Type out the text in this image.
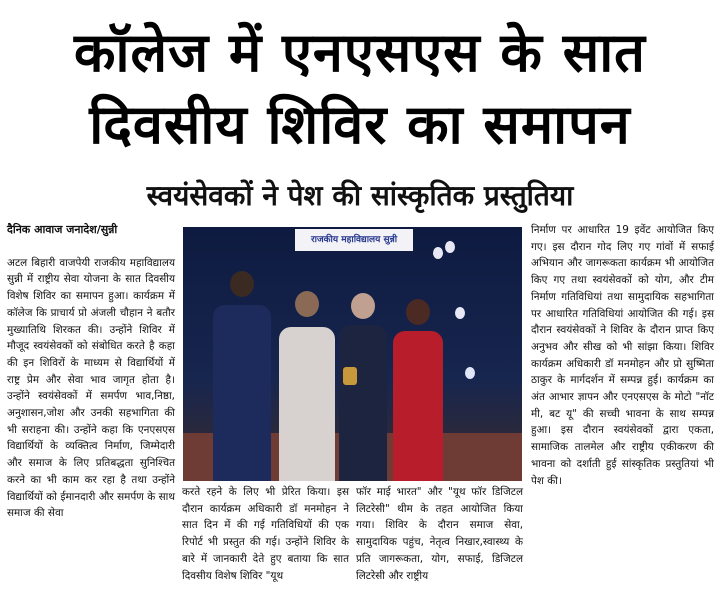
कॉलेज में एनएसएस के सात
दिवसीय शिविर का समापन
स्वयंसेवकों ने पेश की सांस्कृतिक प्रस्तुतिया

दैनिक आवाज जनादेश/सुन्नी

अटल बिहारी वाजपेयी राजकीय महाविद्यालय सुन्नी में राष्ट्रीय सेवा योजना के सात दिवसीय विशेष शिविर का समापन हुआ। कार्यक्रम में कॉलेज कि प्राचार्य प्रो अंजली चौहान ने बतौर मुख्यातिथि शिरकत की। उन्होंने शिविर में मौजूद स्वयंसेवकों को संबोधित करते है कहा की इन शिविरों के माध्यम से विद्यार्थियों में राष्ट्र प्रेम और सेवा भाव जागृत होता है। उन्होंने स्वयंसेवकों में समर्पण भाव,निष्ठा, अनुशासन,जोश और उनकी सहभागिता की भी सराहना की। उन्होंने कहा कि एनएसएस विद्यार्थियों के व्यक्तित्व निर्माण, जिम्मेदारी और समाज के लिए प्रतिबद्धता सुनिश्चित करने का भी काम कर रहा है तथा उन्होंने विद्यार्थियों को ईमानदारी और समर्पण के साथ समाज की सेवा

राजकीय महाविद्यालय सुन्नी

करते रहने के लिए भी प्रेरित किया। इस दौरान कार्यक्रम अधिकारी डॉ मनमोहन ने सात दिन में की गई गतिविधियों की एक रिपोर्ट भी प्रस्तुत की गई। उन्होंने शिविर के बारे में जानकारी देते हुए बताया कि सात दिवसीय विशेष शिविर "यूथ

फॉर माई भारत" और "यूथ फॉर डिजिटल लिटरेसी" थीम के तहत आयोजित किया गया। शिविर के दौरान समाज सेवा, सामुदायिक पहुंच, नेतृत्व निखार,स्वास्थ्य के प्रति जागरूकता, योग, सफाई, डिजिटल लिटरेसी और राष्ट्रीय

निर्माण पर आधारित 19 इवेंट आयोजित किए गए। इस दौरान गोद लिए गए गांवों में सफाई अभियान और जागरूकता कार्यक्रम भी आयोजित किए गए तथा स्वयंसेवकों को योग, और टीम निर्माण गतिविधियां तथा सामुदायिक सहभागिता पर आधारित गतिविधियां आयोजित की गई। इस दौरान स्वयंसेवकों ने शिविर के दौरान प्राप्त किए अनुभव और सीख को भी सांझा किया। शिविर कार्यक्रम अधिकारी डॉ मनमोहन और प्रो सुष्मिता ठाकुर के मार्गदर्शन में सम्पन्न हुई। कार्यक्रम का अंत आभार ज्ञापन और एनएसएस के मोटो "नॉट मी, बट यू" की सच्ची भावना के साथ सम्पन्न हुआ। इस दौरान स्वयंसेवकों द्वारा एकता, सामाजिक तालमेल और राष्ट्रीय एकीकरण की भावना को दर्शाती हुई सांस्कृतिक प्रस्तुतियां भी पेश की।
